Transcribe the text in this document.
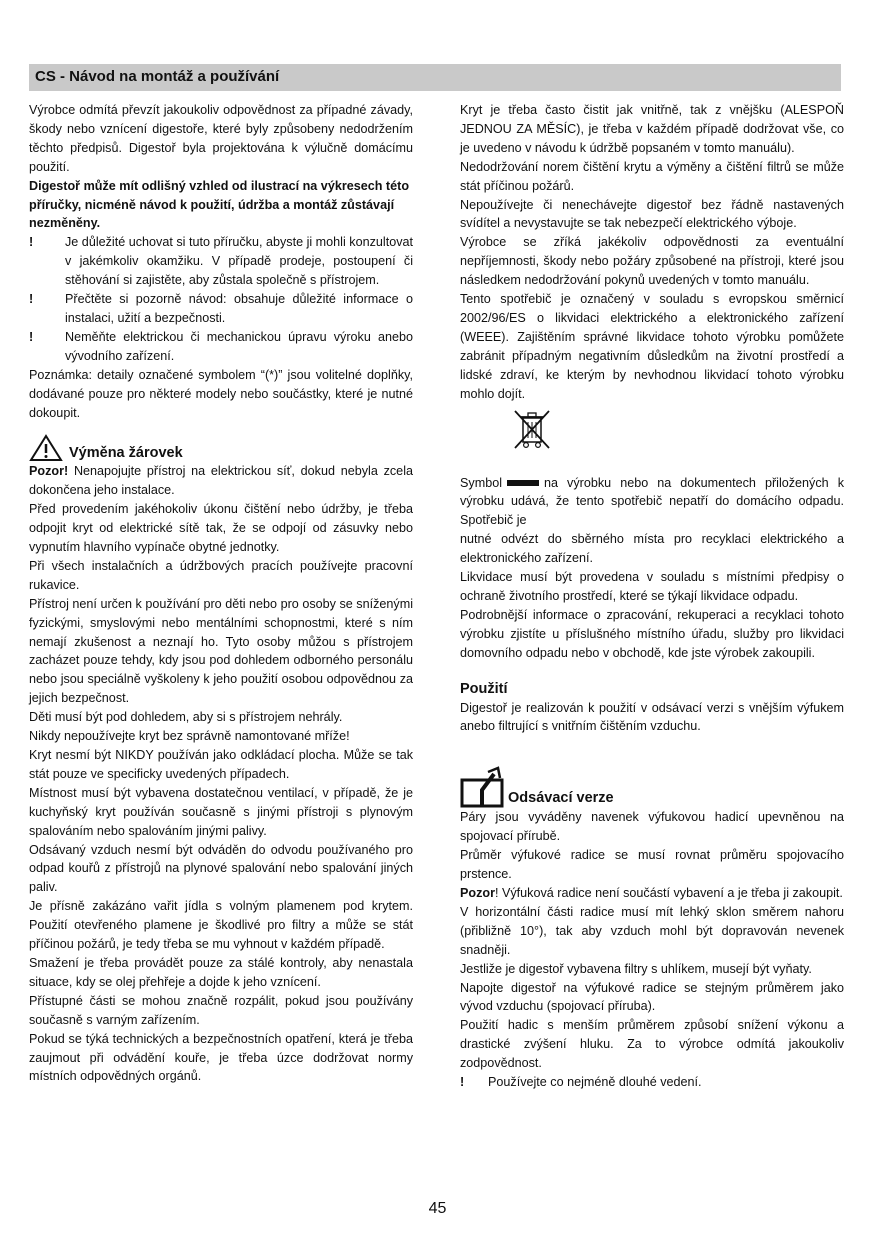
CS - Návod na montáž a používání

Výrobce odmítá převzít jakoukoliv odpovědnost za případné závady, škody nebo vznícení digestoře, které byly způsobeny nedodržením těchto předpisů. Digestoř byla projektována k výlučně domácímu použití.

Digestoř může mít odlišný vzhled od ilustrací na výkresech této příručky, nicméně návod k použití, údržba a montáž zůstávají nezměněny.

!	Je důležité uchovat si tuto příručku, abyste ji mohli konzultovat v jakémkoliv okamžiku. V případě prodeje, postoupení či stěhování si zajistěte, aby zůstala společně s přístrojem.
!	Přečtěte si pozorně návod: obsahuje důležité informace o instalaci, užití a bezpečnosti.
!	Neměňte elektrickou či mechanickou úpravu výroku anebo vývodního zařízení.

Poznámka: detaily označené symbolem “(*)” jsou volitelné doplňky, dodávané pouze pro některé modely nebo součástky, které je nutné dokoupit.

Výměna žárovek

Pozor! Nenapojujte přístroj na elektrickou síť, dokud nebyla zcela dokončena jeho instalace.

Před provedením jakéhokoliv úkonu čištění nebo údržby, je třeba odpojit kryt od elektrické sítě tak, že se odpojí od zásuvky nebo vypnutím hlavního vypínače obytné jednotky.

Při všech instalačních a údržbových pracích používejte pracovní rukavice.

Přístroj není určen k používání pro děti nebo pro osoby se sníženými fyzickými, smyslovými nebo mentálními schopnostmi, které s ním nemají zkušenost a neznají ho. Tyto osoby můžou s přístrojem zacházet pouze tehdy, kdy jsou pod dohledem odborného personálu nebo jsou speciálně vyškoleny k jeho použití osobou odpovědnou za jejich bezpečnost.

Děti musí být pod dohledem, aby si s přístrojem nehrály.

Nikdy nepoužívejte kryt bez správně namontované mříže!

Kryt nesmí být NIKDY používán jako odkládací plocha. Může se tak stát pouze ve specificky uvedených případech.

Místnost musí být vybavena dostatečnou ventilací, v případě, že je kuchyňský kryt používán současně s jinými přístroji s plynovým spalováním nebo spalováním jinými palivy.

Odsávaný vzduch nesmí být odváděn do odvodu používaného pro odpad kouřů z přístrojů na plynové spalování nebo spalování jiných paliv.

Je přísně zakázáno vařit jídla s volným plamenem pod krytem. Použití otevřeného plamene je škodlivé pro filtry a může se stát příčinou požárů, je tedy třeba se mu vyhnout v každém případě.

Smažení je třeba provádět pouze za stálé kontroly, aby nenastala situace, kdy se olej přehřeje a dojde k jeho vznícení.

Přístupné části se mohou značně rozpálit, pokud jsou používány současně s varným zařízením.

Pokud se týká technických a bezpečnostních opatření, která je třeba zaujmout při odvádění kouře, je třeba úzce dodržovat normy místních odpovědných orgánů.

Kryt je třeba často čistit jak vnitřně, tak z vnějšku (ALESPOŇ JEDNOU ZA MĚSÍC), je třeba v každém případě dodržovat vše, co je uvedeno v návodu k údržbě popsaném v tomto manuálu).

Nedodržování norem čištění krytu a výměny a čištění filtrů se může stát příčinou požárů.

Nepoužívejte či nenechávejte digestoř bez řádně nastavených svídítel a nevystavujte se tak nebezpečí elektrického výboje.

Výrobce se zříká jakékoliv odpovědnosti za eventuální nepříjemnosti, škody nebo požáry způsobené na přístroji, které jsou následkem nedodržování pokynů uvedených v tomto manuálu.

Tento spotřebič je označený v souladu s evropskou směrnicí 2002/96/ES o likvidaci elektrického a elektronického zařízení (WEEE). Zajištěním správné likvidace tohoto výrobku pomůžete zabránit případným negativním důsledkům na životní prostředí a lidské zdraví, ke kterým by nevhodnou likvidací tohoto výrobku mohlo dojít.

Symbol	na výrobku nebo na dokumentech přiložených k výrobku udává, že tento spotřebič nepatří do domácího odpadu. Spotřebič je

nutné odvézt do sběrného místa pro recyklaci elektrického a elektronického zařízení.

Likvidace musí být provedena v souladu s místními předpisy o ochraně životního prostředí, které se týkají likvidace odpadu.

Podrobnější informace o zpracování, rekuperaci a recyklaci tohoto výrobku zjistíte u příslušného místního úřadu, služby pro likvidaci domovního odpadu nebo v obchodě, kde jste výrobek zakoupili.

Použití

Digestoř je realizován k použití v odsávací verzi s vnějším výfukem anebo filtrující s vnitřním čištěním vzduchu.

Odsávací verze

Páry jsou vyváděny navenek výfukovou hadicí upevněnou na spojovací přírubě.

Průměr výfukové radice se musí rovnat průměru spojovacího prstence.

Pozor! Výfuková radice není součástí vybavení a je třeba ji zakoupit.

V horizontální části radice musí mít lehký sklon směrem nahoru (přibližně 10°), tak aby vzduch mohl být dopravován nevenek snadněji.

Jestliže je digestoř vybavena filtry s uhlíkem, musejí být vyňaty.

Napojte digestoř na výfukové radice se stejným průměrem jako vývod vzduchu (spojovací příruba).

Použití hadic s menším průměrem způsobí snížení výkonu a drastické zvýšení hluku. Za to výrobce odmítá jakoukoliv zodpovědnost.

!	Používejte co nejméně dlouhé vedení.
45
